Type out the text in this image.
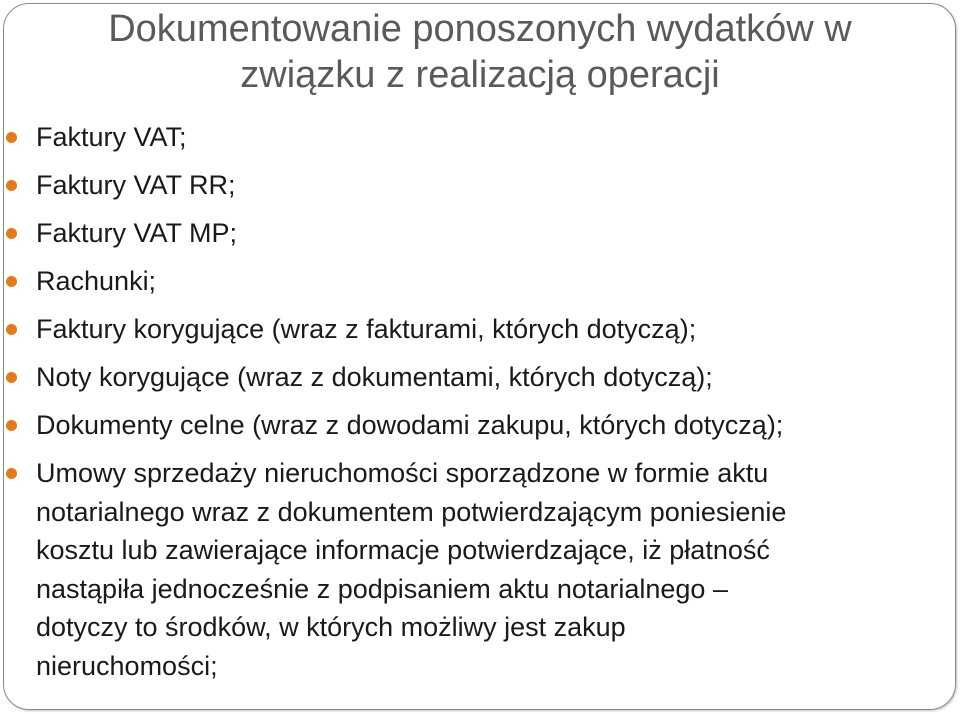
Dokumentowanie ponoszonych wydatków w
związku z realizacją operacji
Faktury VAT;
Faktury VAT RR;
Faktury VAT MP;
Rachunki;
Faktury korygujące (wraz z fakturami, których dotyczą);
Noty korygujące (wraz z dokumentami, których dotyczą);
Dokumenty celne (wraz z dowodami zakupu, których dotyczą);
Umowy sprzedaży nieruchomości sporządzone w formie aktu
notarialnego wraz z dokumentem potwierdzającym poniesienie
kosztu lub zawierające informacje potwierdzające, iż płatność
nastąpiła jednocześnie z podpisaniem aktu notarialnego –
dotyczy to środków, w których możliwy jest zakup
nieruchomości;
